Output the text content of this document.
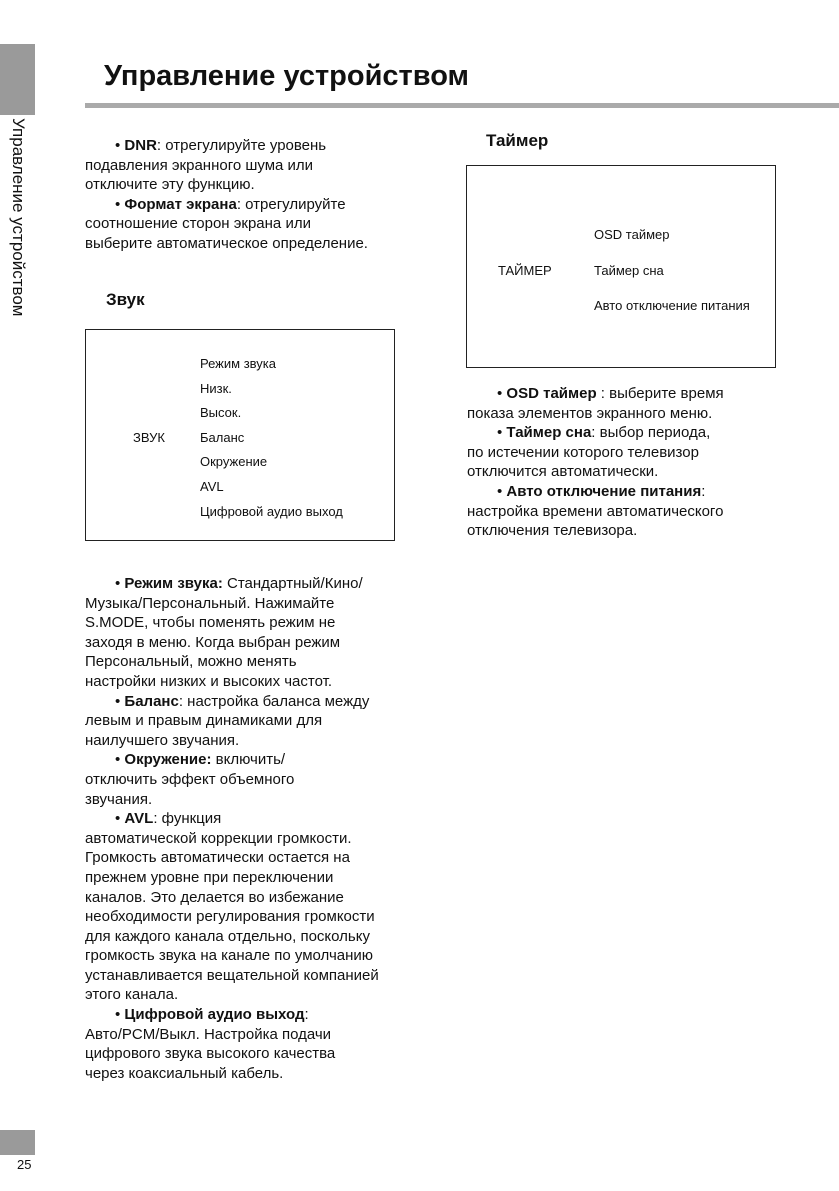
Управление устройством
25
Управление устройством
• DNR: отрегулируйте уровень
подавления экранного шума или
отключите эту функцию.
• Формат экрана: отрегулируйте
соотношение сторон экрана или
выберите автоматическое определение.
Звук
ЗВУК
Режим звука
Низк.
Высок.
Баланс
Окружение
AVL
Цифровой аудио выход
• Режим звука: Стандартный/Кино/
Музыка/Персональный. Нажимайте
S.MODE, чтобы поменять режим не
заходя в меню. Когда выбран режим
Персональный, можно менять
настройки низких и высоких частот.
• Баланс: настройка баланса между
левым и правым динамиками для
наилучшего звучания.
• Окружение: включить/
отключить эффект объемного
звучания.
• AVL: функция
автоматической коррекции громкости.
Громкость автоматически остается на
прежнем уровне при переключении
каналов. Это делается во избежание
необходимости регулирования громкости
для каждого канала отдельно, поскольку
громкость звука на канале по умолчанию
устанавливается вещательной компанией
этого канала.
• Цифровой аудио выход:
Авто/PCM/Выкл. Настройка подачи
цифрового звука высокого качества
через коаксиальный кабель.
Таймер
ТАЙМЕР
OSD таймер
Таймер сна
Авто отключение питания
• OSD таймер : выберите время
показа элементов экранного меню.
• Таймер сна: выбор периода,
по истечении которого телевизор
отключится автоматически.
• Авто отключение питания:
настройка времени автоматического
отключения телевизора.
